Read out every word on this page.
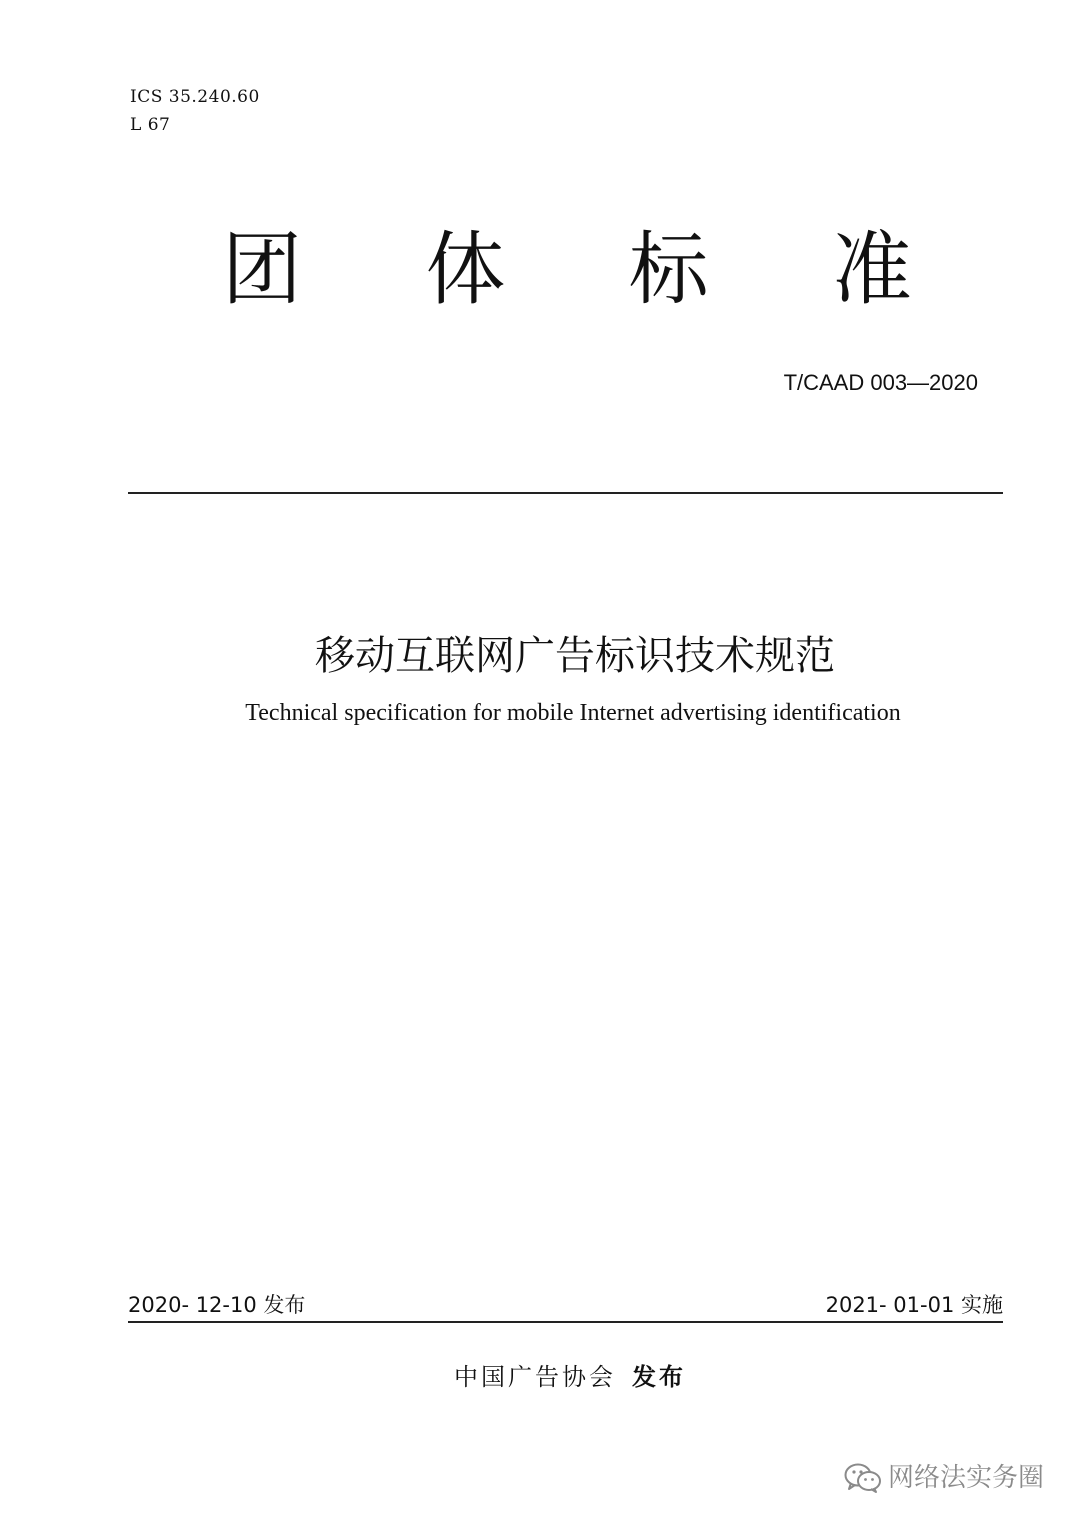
ICS 35.240.60
L 67
团 体 标 准
T/CAAD 003—2020
移动互联网广告标识技术规范
Technical specification for mobile Internet advertising identification
2020- 12-10 发布	2021- 01-01 实施
中国广告协会 发布
网络法实务圈
